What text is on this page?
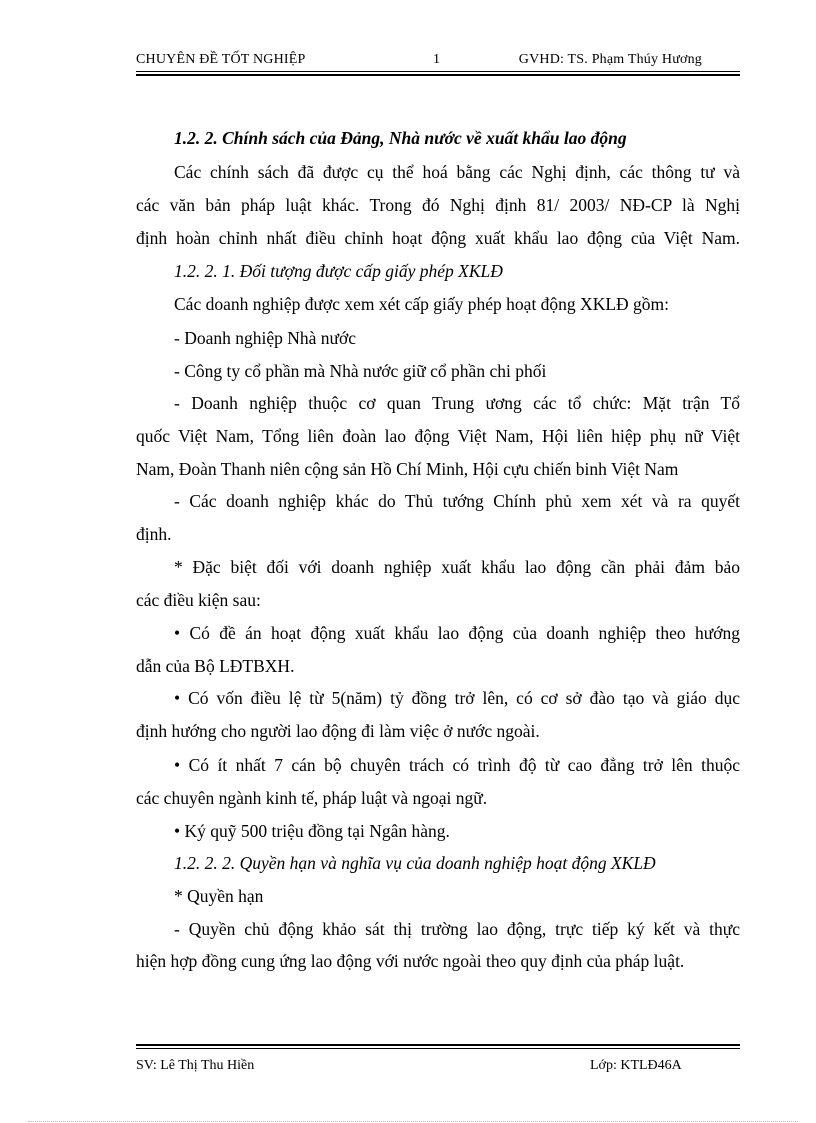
CHUYÊN ĐỀ TỐT NGHIỆP	1	GVHD: TS. Phạm Thúy Hương
1.2. 2. Chính sách của Đảng, Nhà nước về xuất khẩu lao động
Các chính sách đã được cụ thể hoá bằng các Nghị định, các thông tư và
các văn bản pháp luật khác. Trong đó Nghị định 81/ 2003/ NĐ-CP là Nghị
định hoàn chỉnh nhất điều chỉnh hoạt động xuất khẩu lao động của Việt Nam.
1.2. 2. 1. Đối tượng được cấp giấy phép XKLĐ
Các doanh nghiệp được xem xét cấp giấy phép hoạt động XKLĐ gồm:
- Doanh nghiệp Nhà nước
- Công ty cổ phần mà Nhà nước giữ cổ phần chi phối
- Doanh nghiệp thuộc cơ quan Trung ương các tổ chức: Mặt trận Tổ
quốc Việt Nam, Tổng liên đoàn lao động Việt Nam, Hội liên hiệp phụ nữ Việt
Nam, Đoàn Thanh niên cộng sản Hồ Chí Minh, Hội cựu chiến binh Việt Nam
- Các doanh nghiệp khác do Thủ tướng Chính phủ xem xét và ra quyết
định.
* Đặc biệt đối với doanh nghiệp xuất khẩu lao động cần phải đảm bảo
các điều kiện sau:
• Có đề án hoạt động xuất khẩu lao động của doanh nghiệp theo hướng
dẫn của Bộ LĐTBXH.
• Có vốn điều lệ từ 5(năm) tỷ đồng trở lên, có cơ sở đào tạo và giáo dục
định hướng cho người lao động đi làm việc ở nước ngoài.
• Có ít nhất 7 cán bộ chuyên trách có trình độ từ cao đẳng trở lên thuộc
các chuyên ngành kinh tế, pháp luật và ngoại ngữ.
• Ký quỹ 500 triệu đồng tại Ngân hàng.
1.2. 2. 2. Quyền hạn và nghĩa vụ của doanh nghiệp hoạt động XKLĐ
* Quyền hạn
- Quyền chủ động khảo sát thị trường lao động, trực tiếp ký kết và thực
hiện hợp đồng cung ứng lao động với nước ngoài theo quy định của pháp luật.
SV: Lê Thị Thu Hiền	Lớp: KTLĐ46A
